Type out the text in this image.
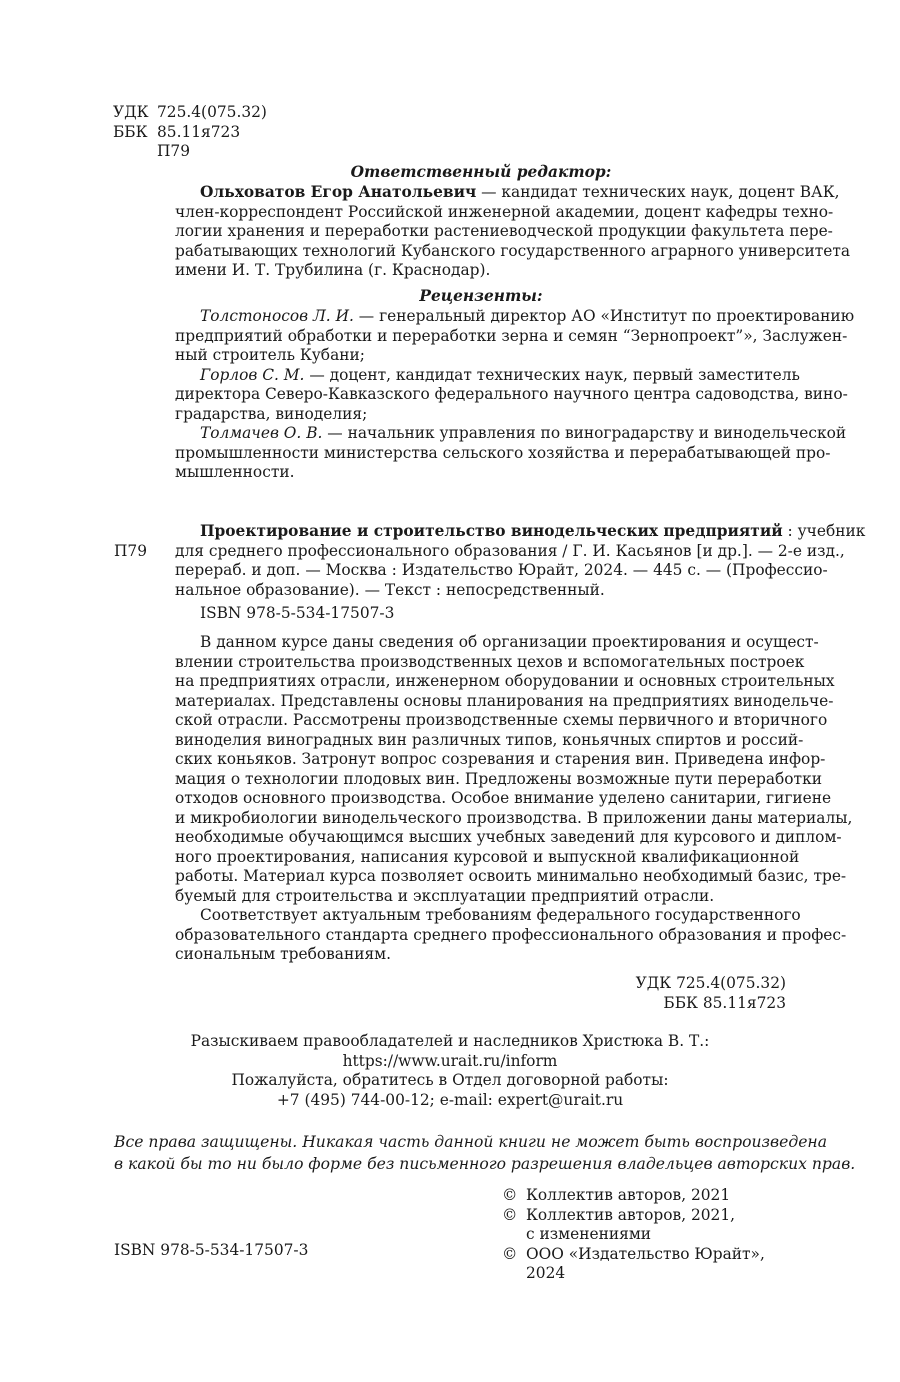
УДК 725.4(075.32)
ББК 85.11я723
П79
Ответственный редактор:
Ольховатов Егор Анатольевич — кандидат технических наук, доцент ВАК,
член-корреспондент Российской инженерной академии, доцент кафедры техно-
логии хранения и переработки растениеводческой продукции факультета пере-
рабатывающих технологий Кубанского государственного аграрного университета
имени И. Т. Трубилина (г. Краснодар).
Рецензенты:
Толстоносов Л. И. — генеральный директор АО «Институт по проектированию
предприятий обработки и переработки зерна и семян “Зернопроект”», Заслужен-
ный строитель Кубани;
Горлов С. М. — доцент, кандидат технических наук, первый заместитель
директора Северо-Кавказского федерального научного центра садоводства, вино-
градарства, виноделия;
Толмачев О. В. — начальник управления по виноградарству и винодельческой
промышленности министерства сельского хозяйства и перерабатывающей про-
мышленности.
П79
Проектирование и строительство винодельческих предприятий : учебник
для среднего профессионального образования / Г. И. Касьянов [и др.]. — 2-е изд.,
перераб. и доп. — Москва : Издательство Юрайт, 2024. — 445 с. — (Профессио-
нальное образование). — Текст : непосредственный.
ISBN 978-5-534-17507-3
В данном курсе даны сведения об организации проектирования и осущест-
влении строительства производственных цехов и вспомогательных построек
на предприятиях отрасли, инженерном оборудовании и основных строительных
материалах. Представлены основы планирования на предприятиях винодельче-
ской отрасли. Рассмотрены производственные схемы первичного и вторичного
виноделия виноградных вин различных типов, коньячных спиртов и россий-
ских коньяков. Затронут вопрос созревания и старения вин. Приведена инфор-
мация о технологии плодовых вин. Предложены возможные пути переработки
отходов основного производства. Особое внимание уделено санитарии, гигиене
и микробиологии винодельческого производства. В приложении даны материалы,
необходимые обучающимся высших учебных заведений для курсового и диплом-
ного проектирования, написания курсовой и выпускной квалификационной
работы. Материал курса позволяет освоить минимально необходимый базис, тре-
буемый для строительства и эксплуатации предприятий отрасли.
Соответствует актуальным требованиям федерального государственного
образовательного стандарта среднего профессионального образования и профес-
сиональным требованиям.
УДК 725.4(075.32)
ББК 85.11я723
Разыскиваем правообладателей и наследников Христюка В. Т.:
https://www.urait.ru/inform
Пожалуйста, обратитесь в Отдел договорной работы:
+7 (495) 744-00-12; e-mail: expert@urait.ru
Все права защищены. Никакая часть данной книги не может быть воспроизведена
в какой бы то ни было форме без письменного разрешения владельцев авторских прав.
© Коллектив авторов, 2021
© Коллектив авторов, 2021,
с изменениями
© ООО «Издательство Юрайт», 2024
ISBN 978-5-534-17507-3
